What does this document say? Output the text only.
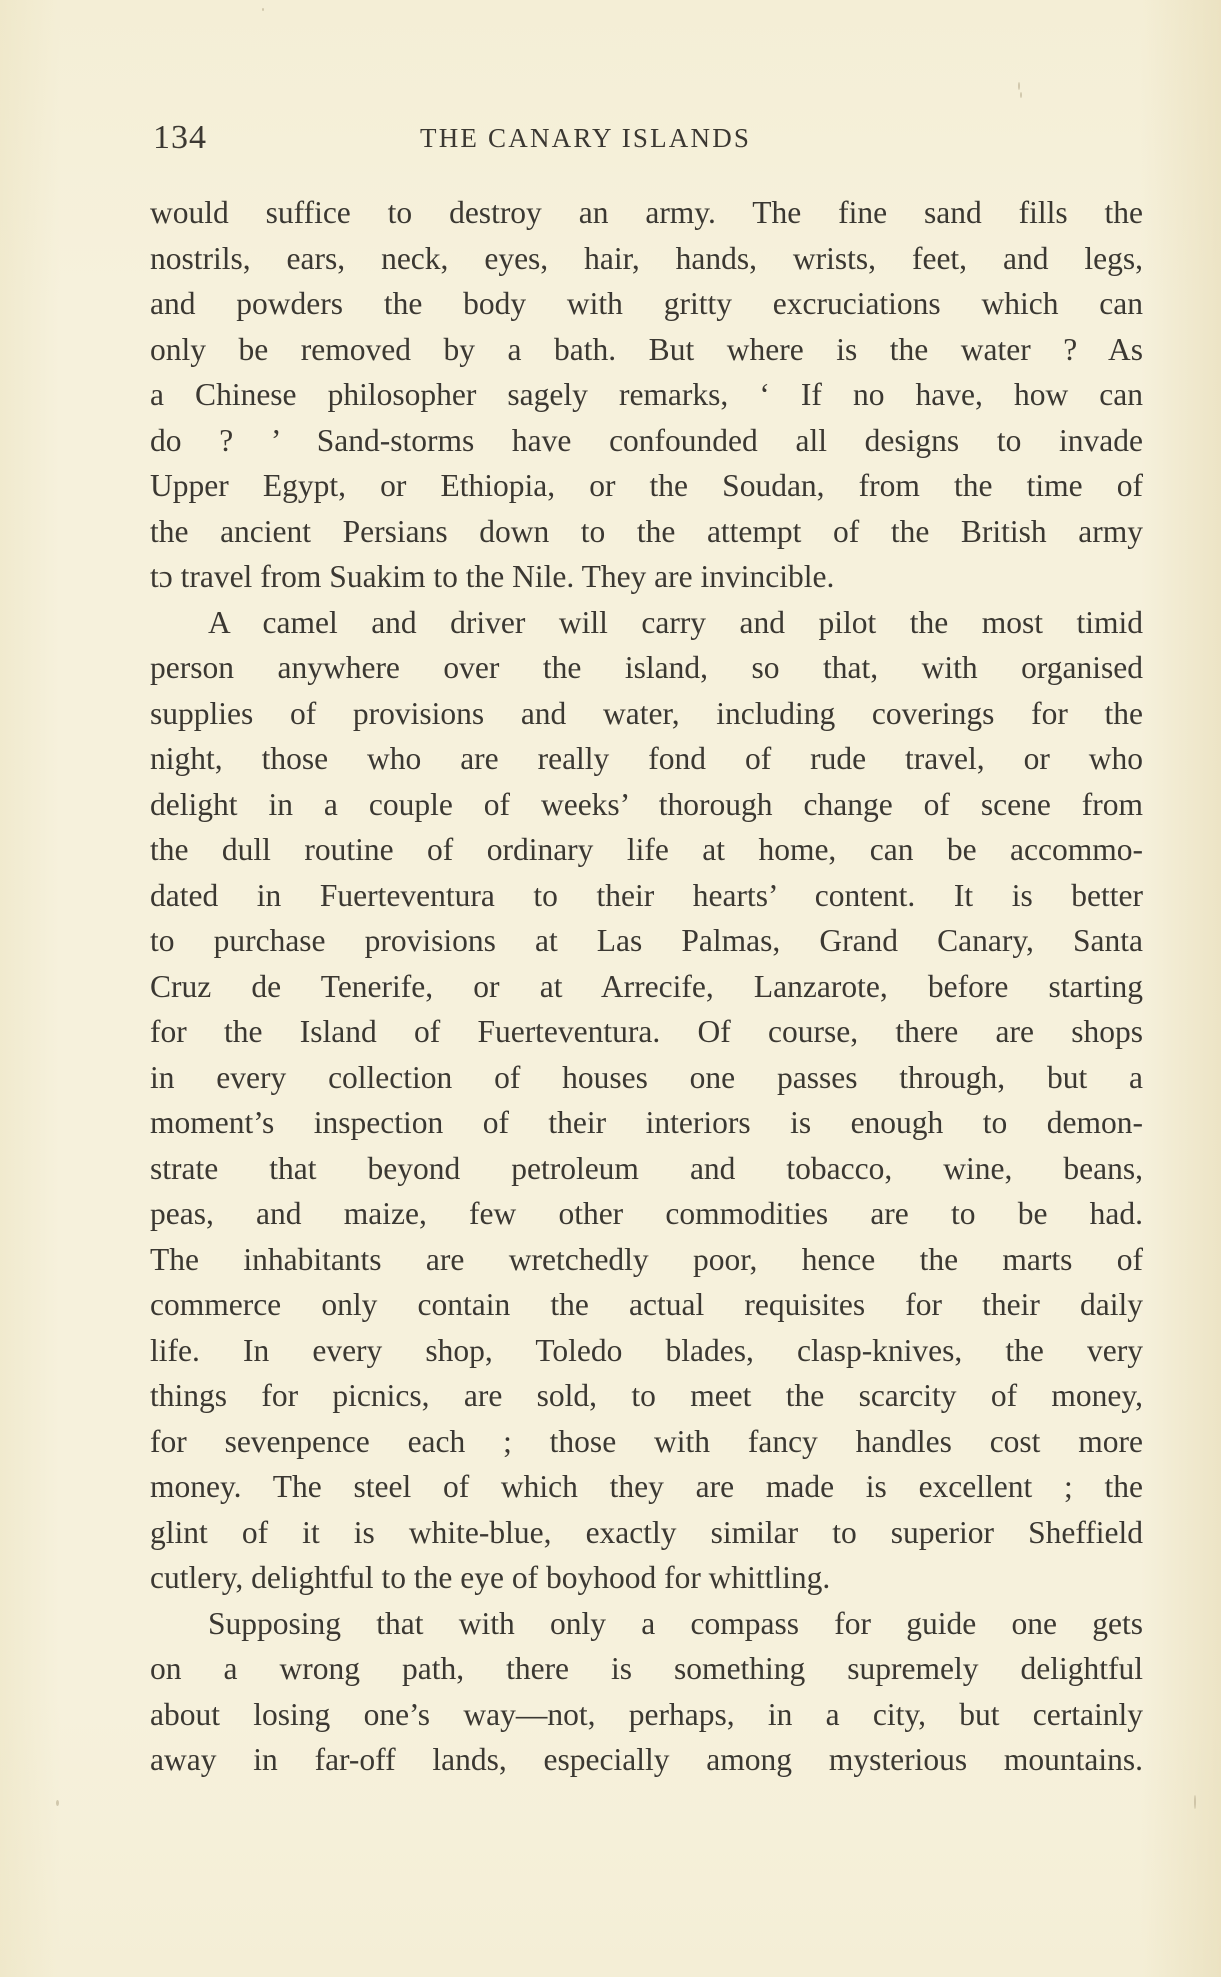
134	THE CANARY ISLANDS
would suffice to destroy an army. The fine sand fills the
nostrils, ears, neck, eyes, hair, hands, wrists, feet, and legs,
and powders the body with gritty excruciations which can
only be removed by a bath. But where is the water ? As
a Chinese philosopher sagely remarks, ‘ If no have, how can
do ? ’ Sand-storms have confounded all designs to invade
Upper Egypt, or Ethiopia, or the Soudan, from the time of
the ancient Persians down to the attempt of the British army
tɔ travel from Suakim to the Nile. They are invincible.
A camel and driver will carry and pilot the most timid
person anywhere over the island, so that, with organised
supplies of provisions and water, including coverings for the
night, those who are really fond of rude travel, or who
delight in a couple of weeks’ thorough change of scene from
the dull routine of ordinary life at home, can be accommo-
dated in Fuerteventura to their hearts’ content. It is better
to purchase provisions at Las Palmas, Grand Canary, Santa
Cruz de Tenerife, or at Arrecife, Lanzarote, before starting
for the Island of Fuerteventura. Of course, there are shops
in every collection of houses one passes through, but a
moment’s inspection of their interiors is enough to demon-
strate that beyond petroleum and tobacco, wine, beans,
peas, and maize, few other commodities are to be had.
The inhabitants are wretchedly poor, hence the marts of
commerce only contain the actual requisites for their daily
life. In every shop, Toledo blades, clasp-knives, the very
things for picnics, are sold, to meet the scarcity of money,
for sevenpence each ; those with fancy handles cost more
money. The steel of which they are made is excellent ; the
glint of it is white-blue, exactly similar to superior Sheffield
cutlery, delightful to the eye of boyhood for whittling.
Supposing that with only a compass for guide one gets
on a wrong path, there is something supremely delightful
about losing one’s way—not, perhaps, in a city, but certainly
away in far-off lands, especially among mysterious mountains.
